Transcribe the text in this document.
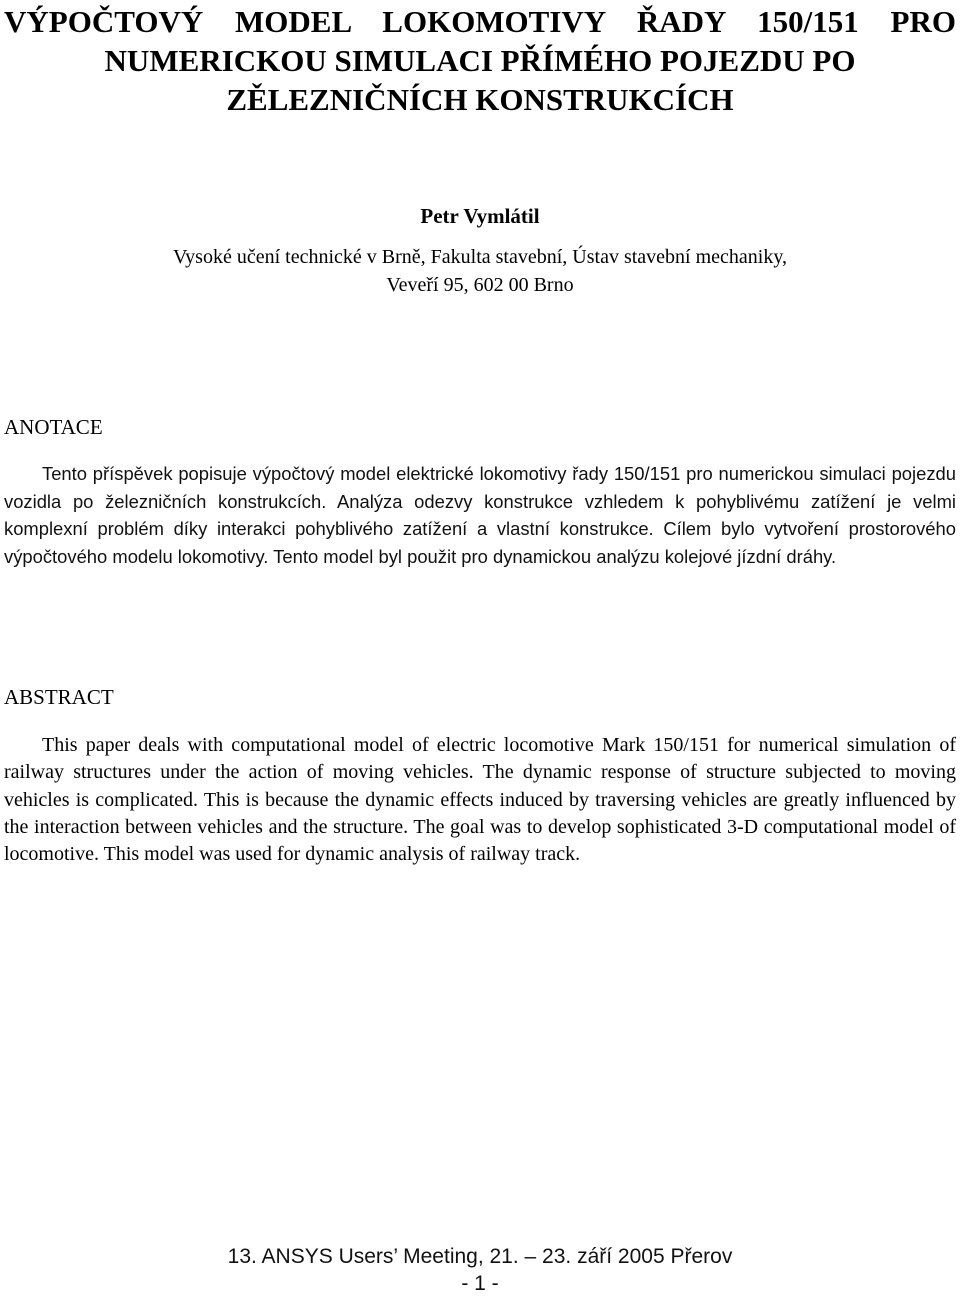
VÝPOČTOVÝ MODEL LOKOMOTIVY ŘADY 150/151 PRO
NUMERICKOU SIMULACI PŘÍMÉHO POJEZDU PO
ZĚLEZNIČNÍCH KONSTRUKCÍCH
Petr Vymlátil
Vysoké učení technické v Brně, Fakulta stavební, Ústav stavební mechaniky,
Veveří 95, 602 00 Brno
ANOTACE

Tento příspěvek popisuje výpočtový model elektrické lokomotivy řady 150/151 pro numerickou simulaci pojezdu vozidla po železničních konstrukcích. Analýza odezvy konstrukce vzhledem k pohyblivému zatížení je velmi komplexní problém díky interakci pohyblivého zatížení a vlastní konstrukce. Cílem bylo vytvoření prostorového výpočtového modelu lokomotivy. Tento model byl použit pro dynamickou analýzu kolejové jízdní dráhy.

ABSTRACT

This paper deals with computational model of electric locomotive Mark 150/151 for numerical simulation of railway structures under the action of moving vehicles. The dynamic response of structure subjected to moving vehicles is complicated. This is because the dynamic effects induced by traversing vehicles are greatly influenced by the interaction between vehicles and the structure. The goal was to develop sophisticated 3-D computational model of locomotive. This model was used for dynamic analysis of railway track.

13. ANSYS Users’ Meeting, 21. – 23. září 2005 Přerov
- 1 -
